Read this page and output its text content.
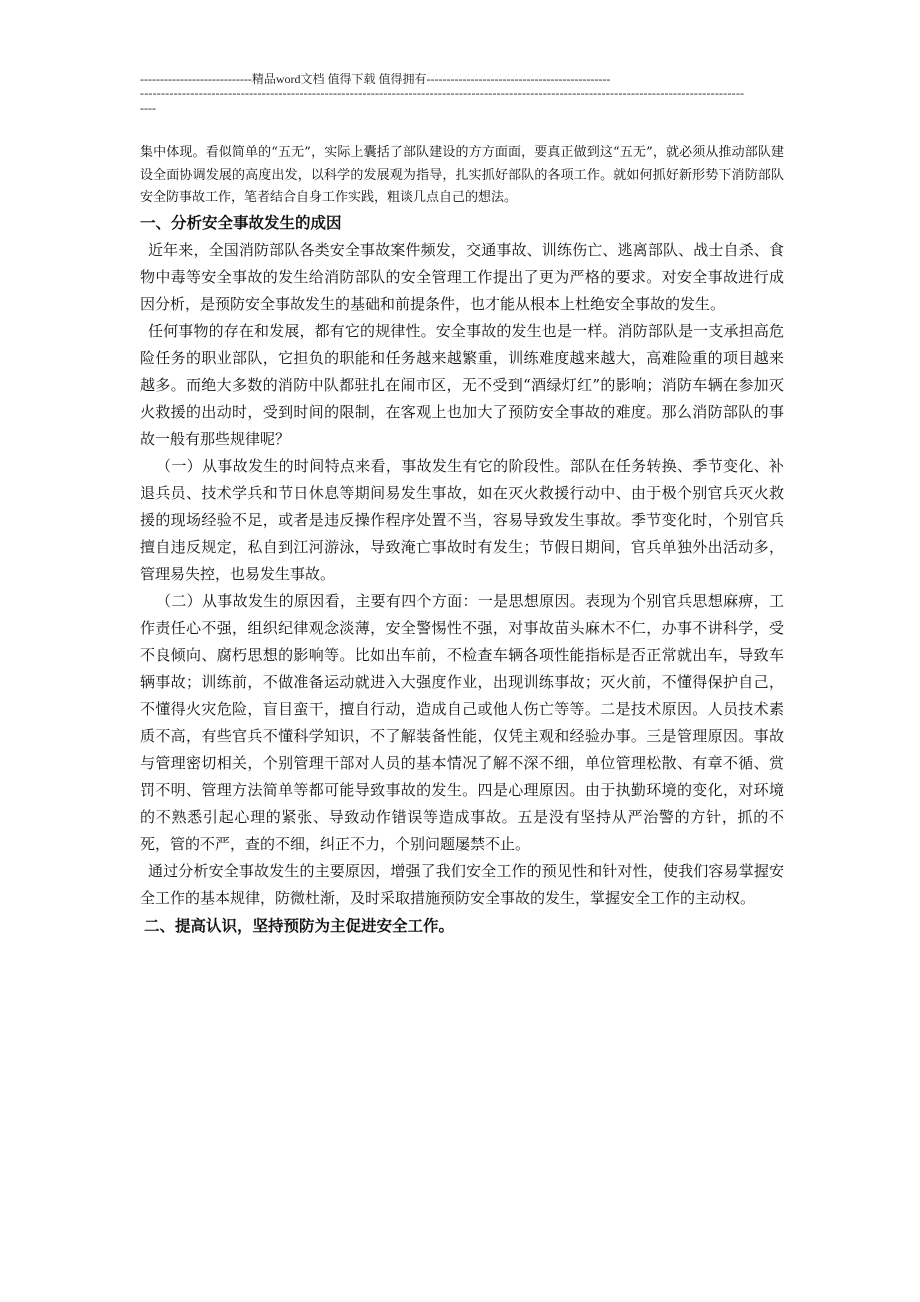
----------------------------精品word文档 值得下载 值得拥有----------------------------------------------
------------------------------------------------------------------------------------------------------------------------------------------------
----

集中体现。看似简单的“五无”，实际上囊括了部队建设的方方面面，要真正做到这“五无”，就必须从推动部队建设全面协调发展的高度出发，以科学的发展观为指导，扎实抓好部队的各项工作。就如何抓好新形势下消防部队安全防事故工作，笔者结合自身工作实践，粗谈几点自己的想法。

一、分析安全事故发生的成因

近年来，全国消防部队各类安全事故案件频发，交通事故、训练伤亡、逃离部队、战士自杀、食物中毒等安全事故的发生给消防部队的安全管理工作提出了更为严格的要求。对安全事故进行成因分析，是预防安全事故发生的基础和前提条件，也才能从根本上杜绝安全事故的发生。

任何事物的存在和发展，都有它的规律性。安全事故的发生也是一样。消防部队是一支承担高危险任务的职业部队，它担负的职能和任务越来越繁重，训练难度越来越大，高难险重的项目越来越多。而绝大多数的消防中队都驻扎在闹市区，无不受到“酒绿灯红”的影响；消防车辆在参加灭火救援的出动时，受到时间的限制，在客观上也加大了预防安全事故的难度。那么消防部队的事故一般有那些规律呢？

（一）从事故发生的时间特点来看，事故发生有它的阶段性。部队在任务转换、季节变化、补退兵员、技术学兵和节日休息等期间易发生事故，如在灭火救援行动中、由于极个别官兵灭火救援的现场经验不足，或者是违反操作程序处置不当，容易导致发生事故。季节变化时，个别官兵擅自违反规定，私自到江河游泳，导致淹亡事故时有发生；节假日期间，官兵单独外出活动多，管理易失控，也易发生事故。

（二）从事故发生的原因看，主要有四个方面：一是思想原因。表现为个别官兵思想麻痹，工作责任心不强，组织纪律观念淡薄，安全警惕性不强，对事故苗头麻木不仁，办事不讲科学，受不良倾向、腐朽思想的影响等。比如出车前，不检查车辆各项性能指标是否正常就出车，导致车辆事故；训练前，不做准备运动就进入大强度作业，出现训练事故；灭火前，不懂得保护自己，不懂得火灾危险，盲目蛮干，擅自行动，造成自己或他人伤亡等等。二是技术原因。人员技术素质不高，有些官兵不懂科学知识，不了解装备性能，仅凭主观和经验办事。三是管理原因。事故与管理密切相关，个别管理干部对人员的基本情况了解不深不细，单位管理松散、有章不循、赏罚不明、管理方法简单等都可能导致事故的发生。四是心理原因。由于执勤环境的变化，对环境的不熟悉引起心理的紧张、导致动作错误等造成事故。五是没有坚持从严治警的方针，抓的不死，管的不严，查的不细，纠正不力，个别问题屡禁不止。

通过分析安全事故发生的主要原因，增强了我们安全工作的预见性和针对性，使我们容易掌握安全工作的基本规律，防微杜渐，及时采取措施预防安全事故的发生，掌握安全工作的主动权。

二、提高认识，坚持预防为主促进安全工作。
